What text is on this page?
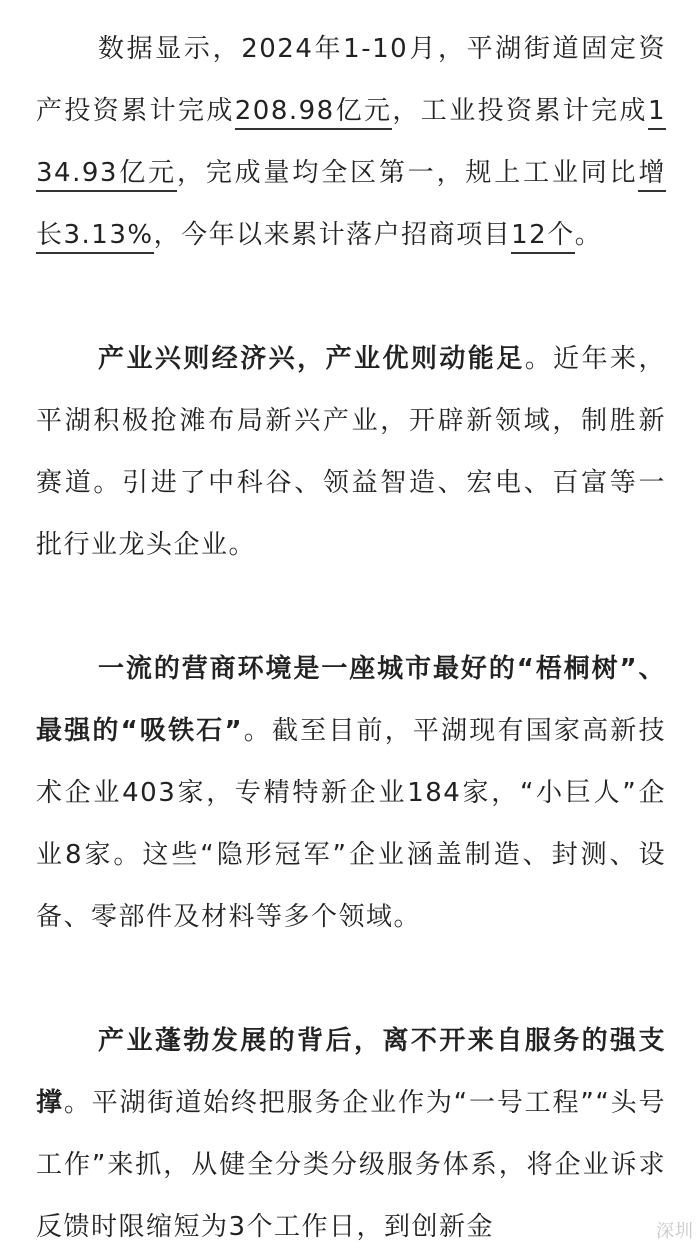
数据显示，2024年1-10月，平湖街道固定资产投资累计完成208.98亿元，工业投资累计完成134.93亿元，完成量均全区第一，规上工业同比增长3.13%，今年以来累计落户招商项目12个。

产业兴则经济兴，产业优则动能足。近年来，平湖积极抢滩布局新兴产业，开辟新领域，制胜新赛道。引进了中科谷、领益智造、宏电、百富等一批行业龙头企业。

一流的营商环境是一座城市最好的“梧桐树”、最强的“吸铁石”。截至目前，平湖现有国家高新技术企业403家，专精特新企业184家，“小巨人”企业8家。这些“隐形冠军”企业涵盖制造、封测、设备、零部件及材料等多个领域。

产业蓬勃发展的背后，离不开来自服务的强支撑。平湖街道始终把服务企业作为“一号工程”“头号工作”来抓，从健全分类分级服务体系，将企业诉求反馈时限缩短为3个工作日，到创新金	深圳
